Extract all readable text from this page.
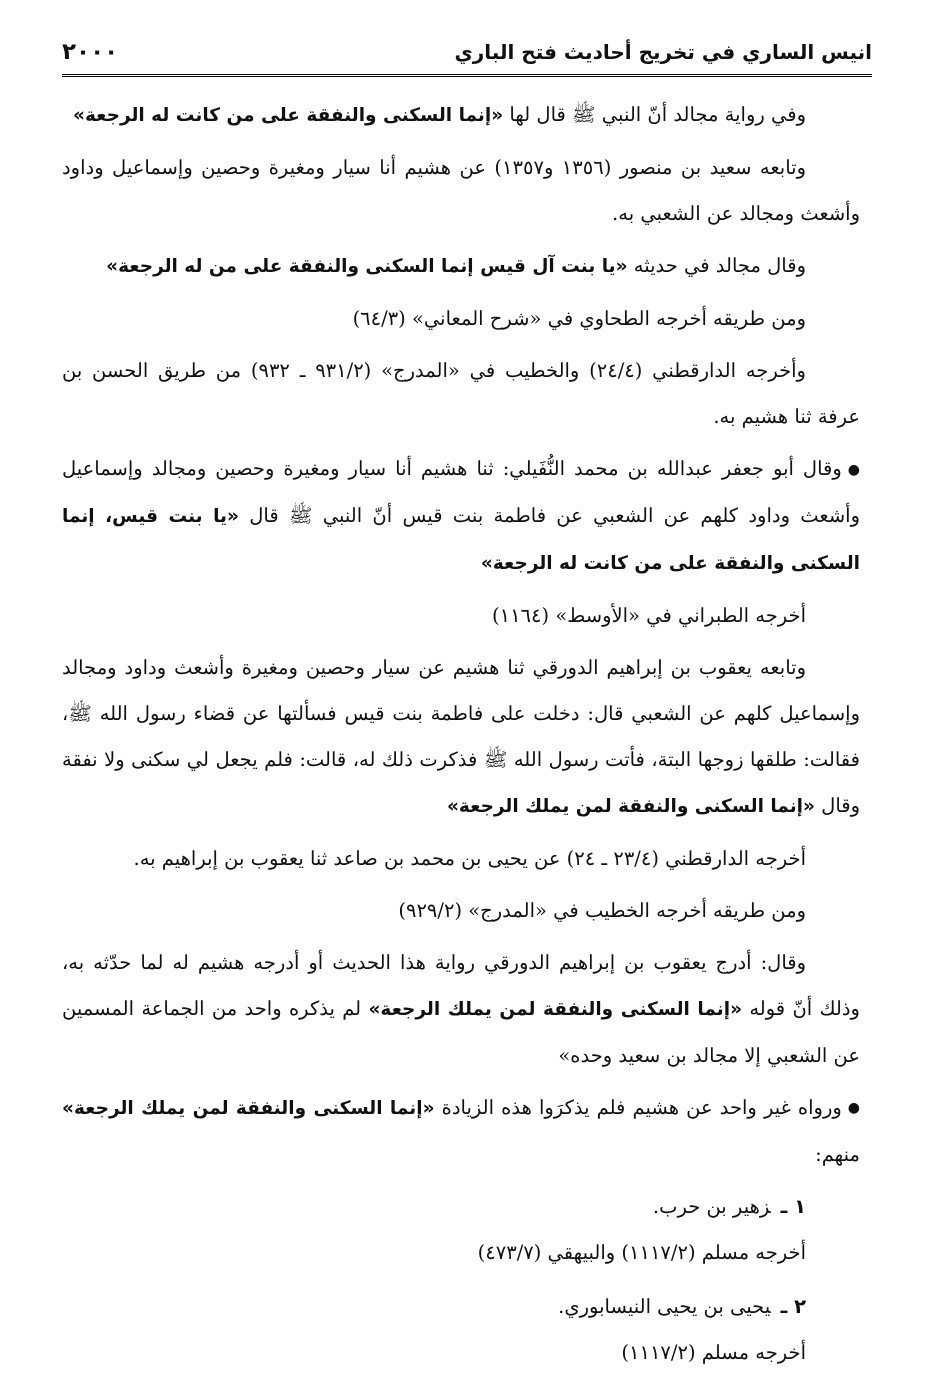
انيس الساري في تخريج أحاديث فتح الباري
٢٠٠٠

وفي رواية مجالد أنّ النبي ﷺ قال لها «إنما السكنى والنفقة على من كانت له الرجعة»

وتابعه سعيد بن منصور (١٣٥٦ و١٣٥٧) عن هشيم أنا سيار ومغيرة وحصين وإسماعيل وداود وأشعث ومجالد عن الشعبي به.

وقال مجالد في حديثه «يا بنت آل قيس إنما السكنى والنفقة على من له الرجعة»

ومن طريقه أخرجه الطحاوي في «شرح المعاني» (٦٤/٣)

وأخرجه الدارقطني (٢٤/٤) والخطيب في «المدرج» (٩٣١/٢ ـ ٩٣٢) من طريق الحسن بن عرفة ثنا هشيم به.

●وقال أبو جعفر عبدالله بن محمد النُّفَيلي: ثنا هشيم أنا سيار ومغيرة وحصين ومجالد وإسماعيل وأشعث وداود كلهم عن الشعبي عن فاطمة بنت قيس أنّ النبي ﷺ قال «يا بنت قيس، إنما السكنى والنفقة على من كانت له الرجعة»

أخرجه الطبراني في «الأوسط» (١١٦٤)

وتابعه يعقوب بن إبراهيم الدورقي ثنا هشيم عن سيار وحصين ومغيرة وأشعث وداود ومجالد وإسماعيل كلهم عن الشعبي قال: دخلت على فاطمة بنت قيس فسألتها عن قضاء رسول الله ﷺ، فقالت: طلقها زوجها البتة، فأتت رسول الله ﷺ فذكرت ذلك له، قالت: فلم يجعل لي سكنى ولا نفقة وقال «إنما السكنى والنفقة لمن يملك الرجعة»

أخرجه الدارقطني (٢٣/٤ ـ ٢٤) عن يحيى بن محمد بن صاعد ثنا يعقوب بن إبراهيم به.

ومن طريقه أخرجه الخطيب في «المدرج» (٩٢٩/٢)

وقال: أدرج يعقوب بن إبراهيم الدورقي رواية هذا الحديث أو أدرجه هشيم له لما حدّثه به، وذلك أنّ قوله «إنما السكنى والنفقة لمن يملك الرجعة» لم يذكره واحد من الجماعة المسمين عن الشعبي إلا مجالد بن سعيد وحده»

●ورواه غير واحد عن هشيم فلم يذكرَوا هذه الزيادة «إنما السكنى والنفقة لمن يملك الرجعة» منهم:

١ ـزهير بن حرب.

أخرجه مسلم (١١١٧/٢) والبيهقي (٤٧٣/٧)

٢ ـيحيى بن يحيى النيسابوري.

أخرجه مسلم (١١١٧/٢)
